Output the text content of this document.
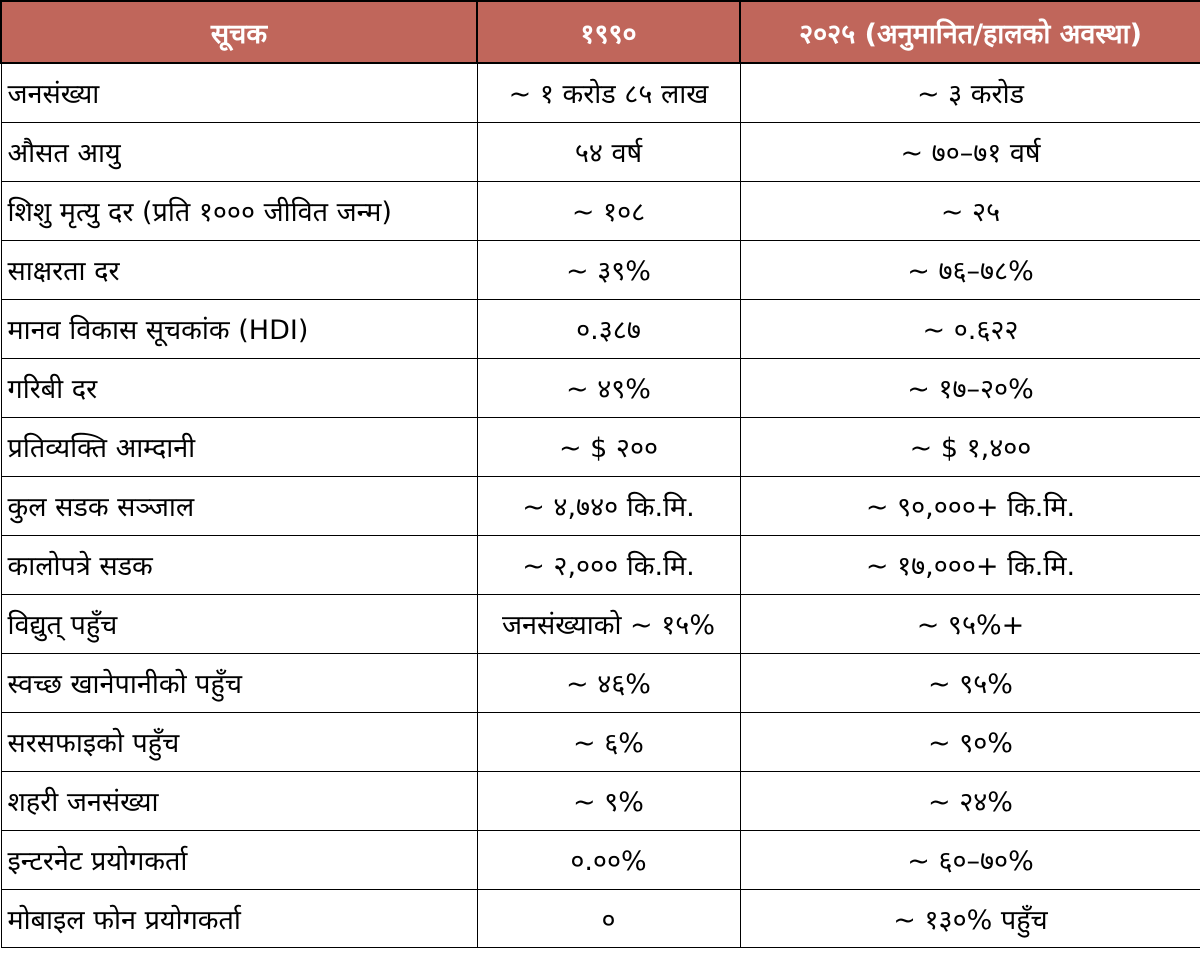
सूचक	१९९०	२०२५ (अनुमानित/हालको अवस्था)
जनसंख्या	~ १ करोड ८५ लाख	~ ३ करोड
औसत आयु	५४ वर्ष	~ ७०–७१ वर्ष
शिशु मृत्यु दर (प्रति १००० जीवित जन्म)	~ १०८	~ २५
साक्षरता दर	~ ३९%	~ ७६–७८%
मानव विकास सूचकांक (HDI)	०.३८७	~ ०.६२२
गरिबी दर	~ ४९%	~ १७–२०%
प्रतिव्यक्ति आम्दानी	~ $ २००	~ $ १,४००
कुल सडक सञ्जाल	~ ४,७४० कि.मि.	~ ९०,०००+ कि.मि.
कालोपत्रे सडक	~ २,००० कि.मि.	~ १७,०००+ कि.मि.
विद्युत् पहुँच	जनसंख्याको ~ १५%	~ ९५%+
स्वच्छ खानेपानीको पहुँच	~ ४६%	~ ९५%
सरसफाइको पहुँच	~ ६%	~ ९०%
शहरी जनसंख्या	~ ९%	~ २४%
इन्टरनेट प्रयोगकर्ता	०.००%	~ ६०–७०%
मोबाइल फोन प्रयोगकर्ता	०	~ १३०% पहुँच
